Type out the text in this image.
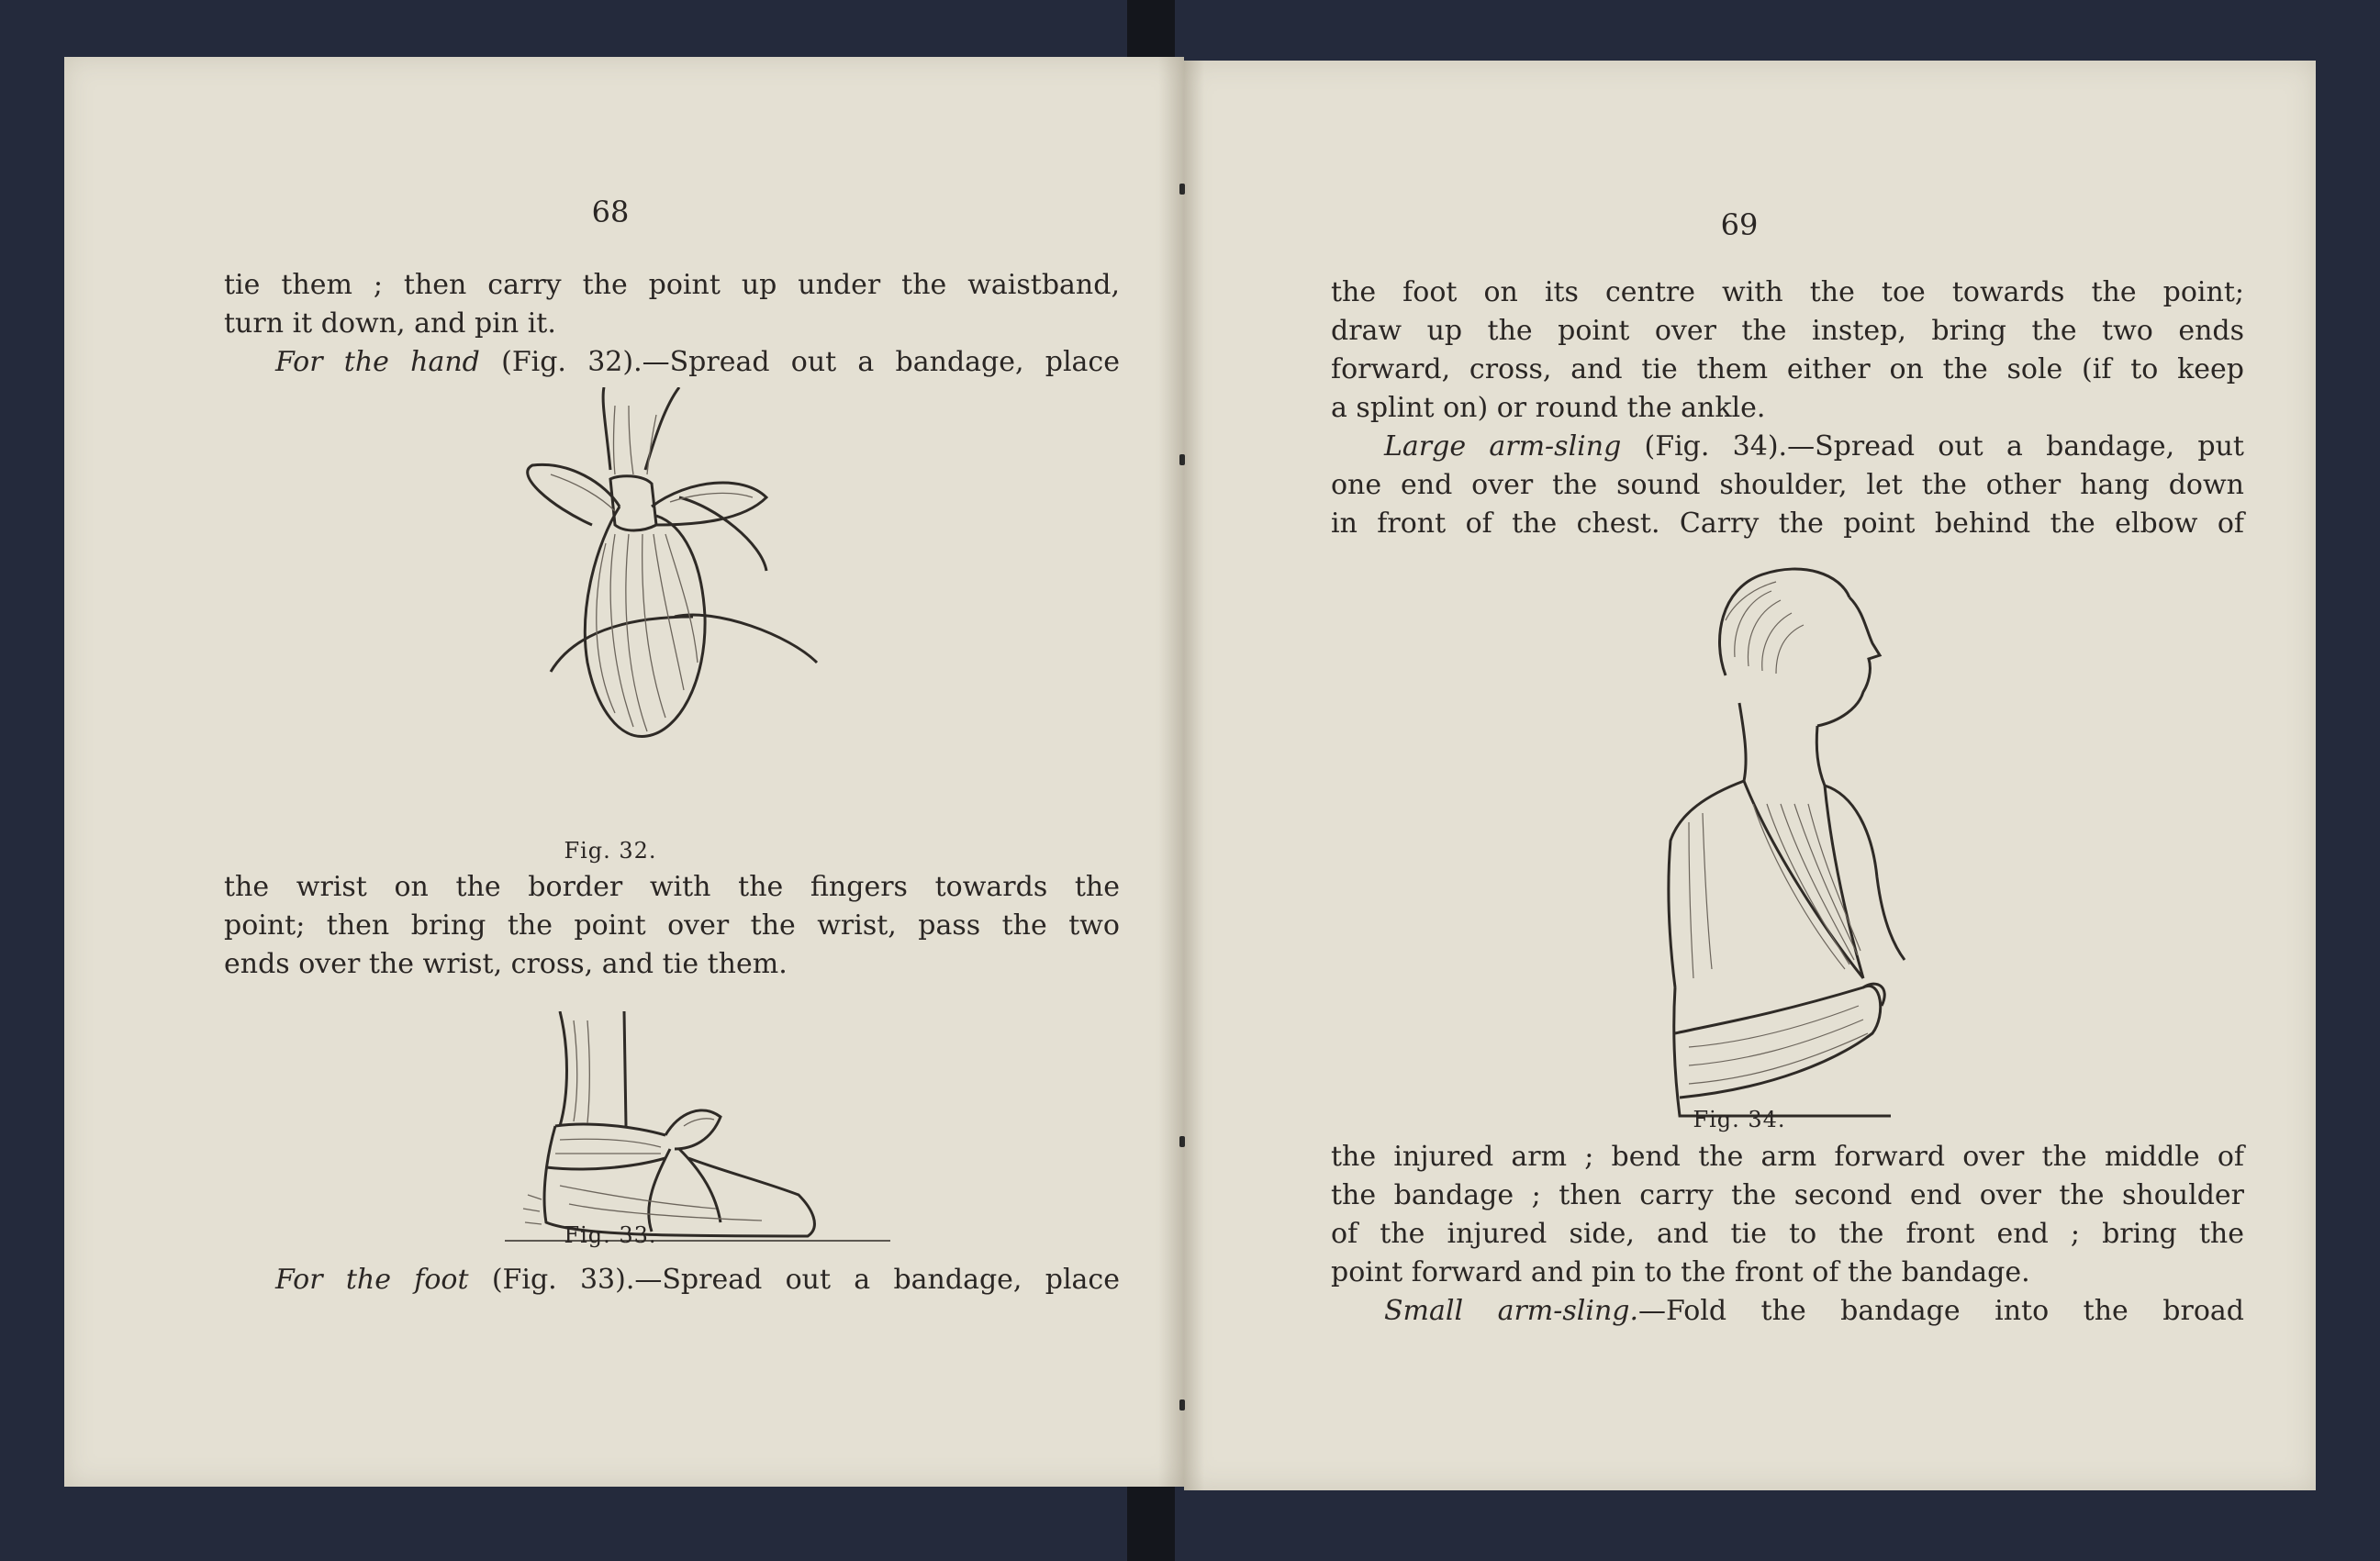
68
tie them ; then carry the point up under the waistband,
turn it down, and pin it.
For the hand (Fig. 32).—Spread out a bandage, place
Fig. 32.
the wrist on the border with the fingers towards the
point; then bring the point over the wrist, pass the two
ends over the wrist, cross, and tie them.
Fig. 33.
For the foot (Fig. 33).—Spread out a bandage, place
69
the foot on its centre with the toe towards the point;
draw up the point over the instep, bring the two ends
forward, cross, and tie them either on the sole (if to keep
a splint on) or round the ankle.
Large arm-sling (Fig. 34).—Spread out a bandage, put
one end over the sound shoulder, let the other hang down
in front of the chest. Carry the point behind the elbow of
Fig. 34.
the injured arm ; bend the arm forward over the middle of
the bandage ; then carry the second end over the shoulder
of the injured side, and tie to the front end ; bring the
point forward and pin to the front of the bandage.
Small arm-sling.—Fold the bandage into the broad
